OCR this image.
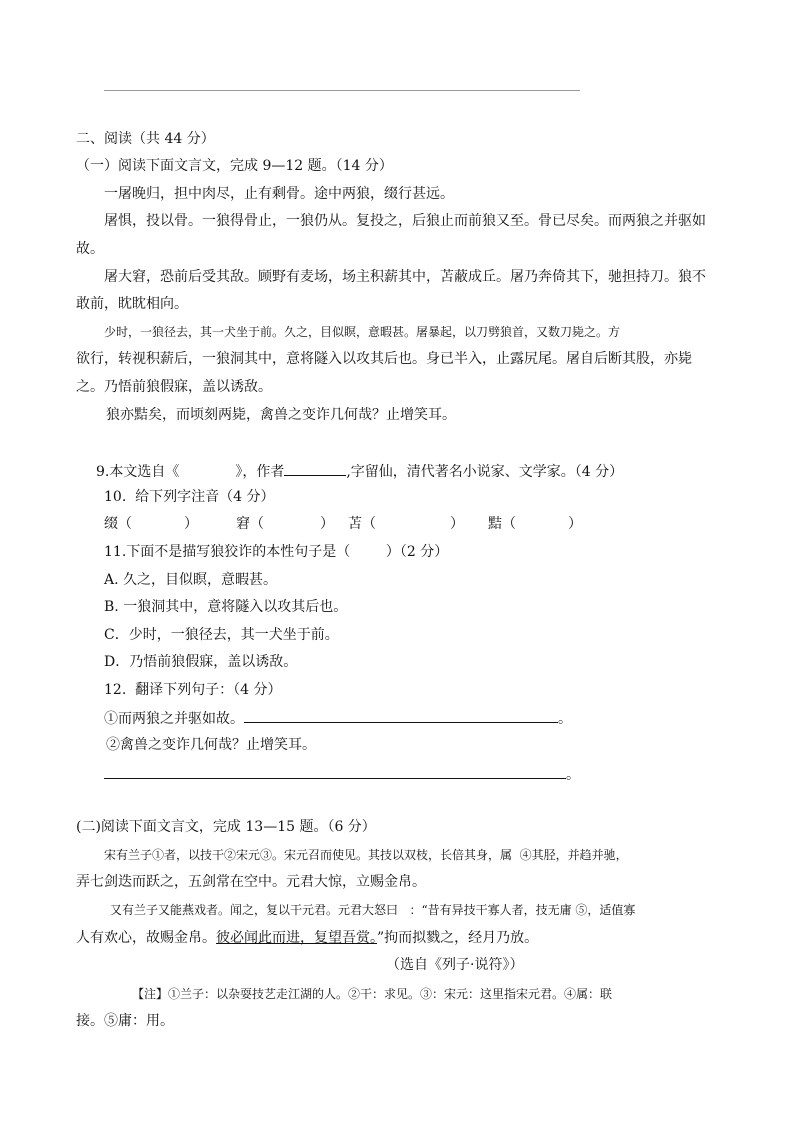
二、阅读（共 44 分）
（一）阅读下面文言文，完成 9—12 题。（14 分）
一屠晚归，担中肉尽，止有剩骨。途中两狼，缀行甚远。
屠惧，投以骨。一狼得骨止，一狼仍从。复投之，后狼止而前狼又至。骨已尽矣。而两狼之并驱如
故。
屠大窘，恐前后受其敌。顾野有麦场，场主积薪其中，苫蔽成丘。屠乃奔倚其下，驰担持刀。狼不
敢前，眈眈相向。
少时，一狼径去，其一犬坐于前。久之，目似瞑，意暇甚。屠暴起，以刀劈狼首，又数刀毙之。方
欲行，转视积薪后，一狼洞其中，意将隧入以攻其后也。身已半入，止露尻尾。屠自后断其股，亦毙
之。乃悟前狼假寐，盖以诱敌。
狼亦黠矣，而顷刻两毙，禽兽之变诈几何哉？止增笑耳。
9.本文选自《	》，作者	,字留仙，清代著名小说家、文学家。（4 分）
10.  给下列字注音（4 分）
缀（	）	窘（	） 苫（	） 黠（	）
11.下面不是描写狼狡诈的本性句子是（        ）（2 分）
A. 久之，目似瞑，意暇甚。
B. 一狼洞其中，意将隧入以攻其后也。
C．少时，一狼径去，其一犬坐于前。
D．乃悟前狼假寐，盖以诱敌。
12.  翻译下列句子：（4 分）
①而两狼之并驱如故。	。
②禽兽之变诈几何哉？止增笑耳。
。
(二)阅读下面文言文，完成 13—15 题。（6 分）
宋有兰子①者，以技干②宋元③。宋元召而使见。其技以双枝，长倍其身，属  ④其胫，并趋并驰，
弄七剑迭而跃之，五剑常在空中。元君大惊，立赐金帛。
又有兰子又能燕戏者。闻之，复以干元君。元君大怒曰   ：“昔有异技干寡人者，技无庸 ⑤，适值寡
人有欢心，故赐金帛。彼必闻此而进，复望吾赏。”拘而拟戮之，经月乃放。
（选自《列子·说符》）
【注】①兰子：以杂耍技艺走江湖的人。②干：求见。③：宋元：这里指宋元君。④属：联
接。⑤庸：用。
